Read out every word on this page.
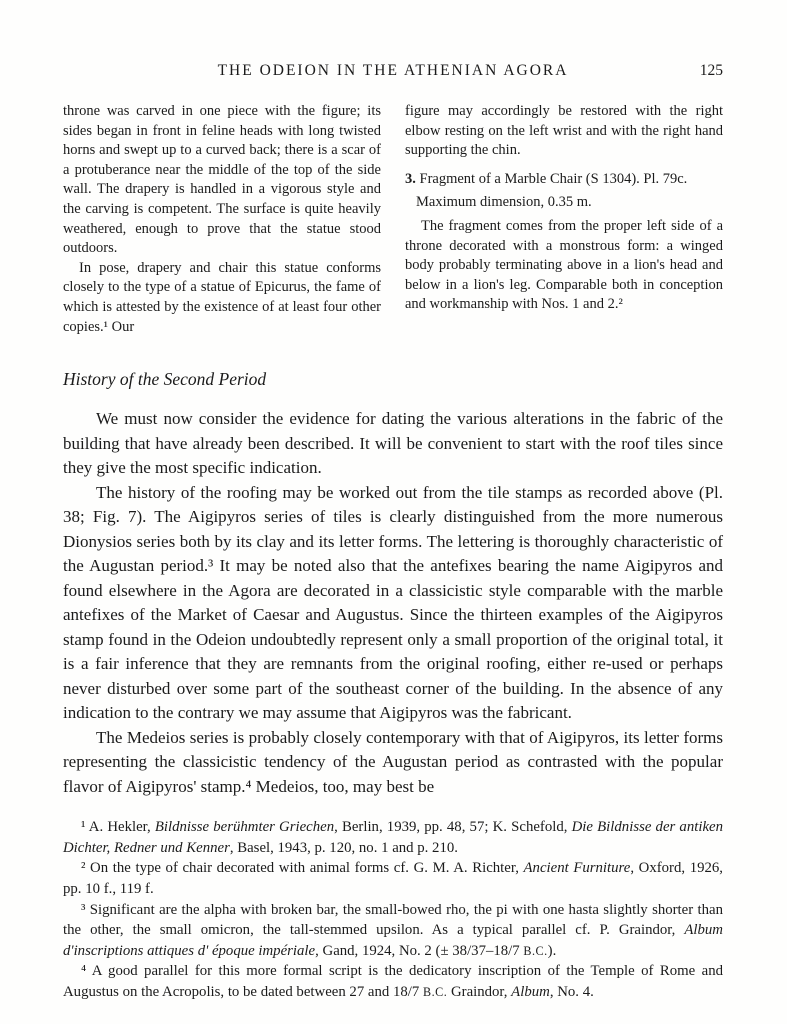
THE ODEION IN THE ATHENIAN AGORA	125

throne was carved in one piece with the figure; its sides began in front in feline heads with long twisted horns and swept up to a curved back; there is a scar of a protuberance near the middle of the top of the side wall. The drapery is handled in a vigorous style and the carving is competent. The surface is quite heavily weathered, enough to prove that the statue stood outdoors.

In pose, drapery and chair this statue conforms closely to the type of a statue of Epicurus, the fame of which is attested by the existence of at least four other copies.¹ Our

figure may accordingly be restored with the right elbow resting on the left wrist and with the right hand supporting the chin.

3. Fragment of a Marble Chair (S 1304). Pl. 79c.

Maximum dimension, 0.35 m.

The fragment comes from the proper left side of a throne decorated with a monstrous form: a winged body probably terminating above in a lion's head and below in a lion's leg. Comparable both in conception and workmanship with Nos. 1 and 2.²

History of the Second Period

We must now consider the evidence for dating the various alterations in the fabric of the building that have already been described. It will be convenient to start with the roof tiles since they give the most specific indication.

The history of the roofing may be worked out from the tile stamps as recorded above (Pl. 38; Fig. 7). The Aigipyros series of tiles is clearly distinguished from the more numerous Dionysios series both by its clay and its letter forms. The lettering is thoroughly characteristic of the Augustan period.³ It may be noted also that the antefixes bearing the name Aigipyros and found elsewhere in the Agora are decorated in a classicistic style comparable with the marble antefixes of the Market of Caesar and Augustus. Since the thirteen examples of the Aigipyros stamp found in the Odeion undoubtedly represent only a small proportion of the original total, it is a fair inference that they are remnants from the original roofing, either re-used or perhaps never disturbed over some part of the southeast corner of the building. In the absence of any indication to the contrary we may assume that Aigipyros was the fabricant.

The Medeios series is probably closely contemporary with that of Aigipyros, its letter forms representing the classicistic tendency of the Augustan period as contrasted with the popular flavor of Aigipyros' stamp.⁴ Medeios, too, may best be

¹ A. Hekler, Bildnisse berühmter Griechen, Berlin, 1939, pp. 48, 57; K. Schefold, Die Bildnisse der antiken Dichter, Redner und Kenner, Basel, 1943, p. 120, no. 1 and p. 210.

² On the type of chair decorated with animal forms cf. G. M. A. Richter, Ancient Furniture, Oxford, 1926, pp. 10 f., 119 f.

³ Significant are the alpha with broken bar, the small-bowed rho, the pi with one hasta slightly shorter than the other, the small omicron, the tall-stemmed upsilon. As a typical parallel cf. P. Graindor, Album d'inscriptions attiques d' époque impériale, Gand, 1924, No. 2 (± 38/37–18/7 B.C.).

⁴ A good parallel for this more formal script is the dedicatory inscription of the Temple of Rome and Augustus on the Acropolis, to be dated between 27 and 18/7 B.C. Graindor, Album, No. 4.
